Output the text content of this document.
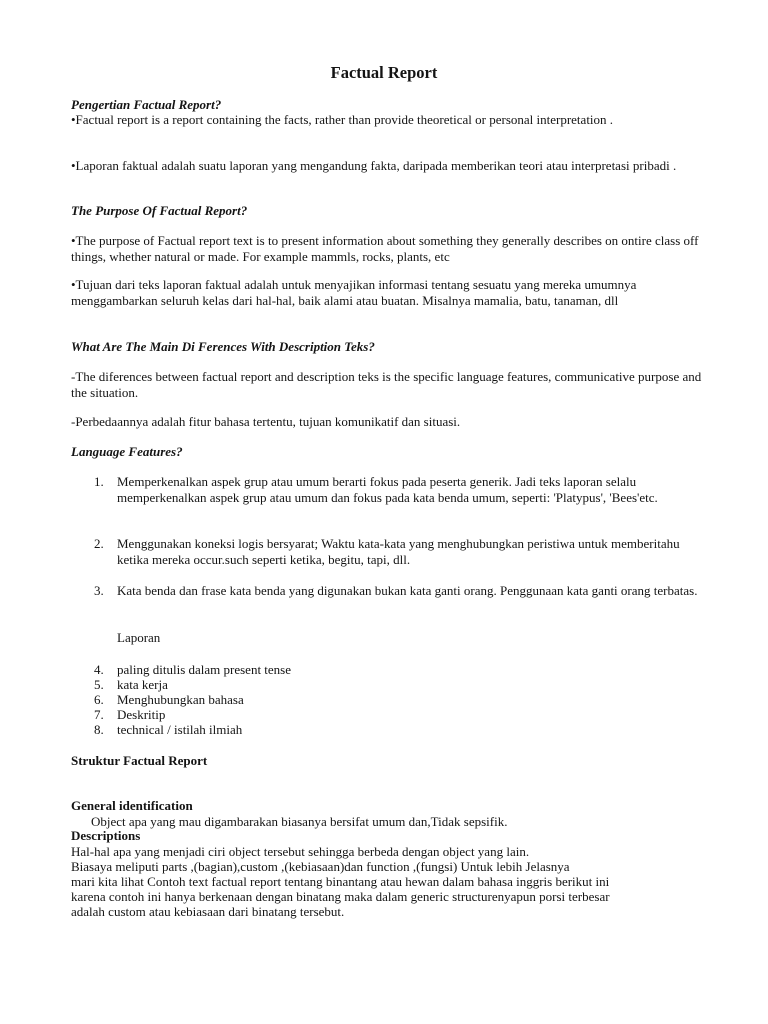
Factual Report
Pengertian Factual Report?
•Factual report is a report containing the facts, rather than provide theoretical or personal interpretation .
•Laporan faktual adalah suatu laporan yang mengandung fakta, daripada memberikan teori atau interpretasi pribadi .
The Purpose Of Factual Report?
•The purpose of Factual report text is to present information about something they generally describes on ontire class off things, whether natural or made. For example mammls, rocks, plants, etc
•Tujuan dari teks laporan faktual adalah untuk menyajikan informasi tentang sesuatu yang mereka umumnya menggambarkan seluruh kelas dari hal-hal, baik alami atau buatan. Misalnya mamalia, batu, tanaman, dll
What Are The Main Di Ferences With Description Teks?
-The diferences between factual report and description teks is the specific language features, communicative purpose and the situation.
-Perbedaannya adalah fitur bahasa tertentu, tujuan komunikatif dan situasi.
Language Features?
1. Memperkenalkan aspek grup atau umum berarti fokus pada peserta generik. Jadi teks laporan selalu memperkenalkan aspek grup atau umum dan fokus pada kata benda umum, seperti: 'Platypus', 'Bees'etc.
2. Menggunakan koneksi logis bersyarat; Waktu kata-kata yang menghubungkan peristiwa untuk memberitahu ketika mereka occur.such seperti ketika, begitu, tapi, dll.
3. Kata benda dan frase kata benda yang digunakan bukan kata ganti orang. Penggunaan kata ganti orang terbatas.
Laporan
4. paling ditulis dalam present tense
5. kata kerja
6. Menghubungkan bahasa
7. Deskritip
8. technical / istilah ilmiah
Struktur Factual Report
General identification
Object apa yang mau digambarakan biasanya bersifat umum dan,Tidak sepsifik.
Descriptions
Hal-hal apa yang menjadi ciri object tersebut sehingga berbeda dengan object yang lain.
Biasaya meliputi parts ,(bagian),custom ,(kebiasaan)dan function ,(fungsi) Untuk lebih Jelasnya
mari kita lihat Contoh text factual report tentang binantang atau hewan dalam bahasa inggris berikut ini
karena contoh ini hanya berkenaan dengan binatang maka dalam generic structurenyapun porsi terbesar
adalah custom atau kebiasaan dari binatang tersebut.
